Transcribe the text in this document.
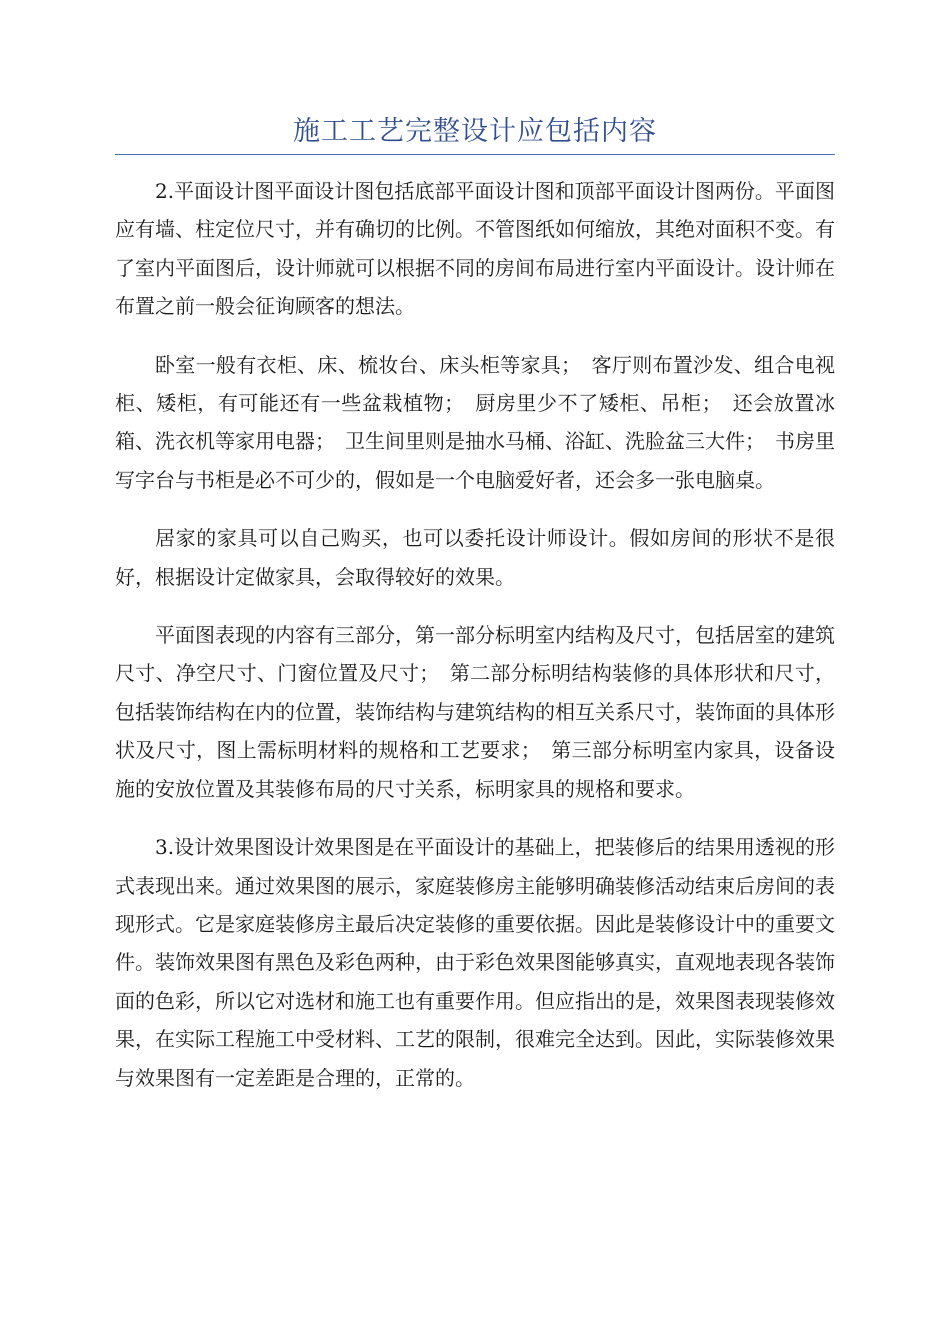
施工工艺完整设计应包括内容

2.平面设计图平面设计图包括底部平面设计图和顶部平面设计图两份。平面图应有墙、柱定位尺寸，并有确切的比例。不管图纸如何缩放，其绝对面积不变。有了室内平面图后，设计师就可以根据不同的房间布局进行室内平面设计。设计师在布置之前一般会征询顾客的想法。

卧室一般有衣柜、床、梳妆台、床头柜等家具；　客厅则布置沙发、组合电视柜、矮柜，有可能还有一些盆栽植物；　厨房里少不了矮柜、吊柜；　还会放置冰箱、洗衣机等家用电器；　卫生间里则是抽水马桶、浴缸、洗脸盆三大件；　书房里写字台与书柜是必不可少的，假如是一个电脑爱好者，还会多一张电脑桌。

居家的家具可以自己购买，也可以委托设计师设计。假如房间的形状不是很好，根据设计定做家具，会取得较好的效果。

平面图表现的内容有三部分，第一部分标明室内结构及尺寸，包括居室的建筑尺寸、净空尺寸、门窗位置及尺寸；　第二部分标明结构装修的具体形状和尺寸，包括装饰结构在内的位置，装饰结构与建筑结构的相互关系尺寸，装饰面的具体形状及尺寸，图上需标明材料的规格和工艺要求；　第三部分标明室内家具，设备设施的安放位置及其装修布局的尺寸关系，标明家具的规格和要求。

3.设计效果图设计效果图是在平面设计的基础上，把装修后的结果用透视的形式表现出来。通过效果图的展示，家庭装修房主能够明确装修活动结束后房间的表现形式。它是家庭装修房主最后决定装修的重要依据。因此是装修设计中的重要文件。装饰效果图有黑色及彩色两种，由于彩色效果图能够真实，直观地表现各装饰面的色彩，所以它对选材和施工也有重要作用。但应指出的是，效果图表现装修效果，在实际工程施工中受材料、工艺的限制，很难完全达到。因此，实际装修效果与效果图有一定差距是合理的，正常的。
